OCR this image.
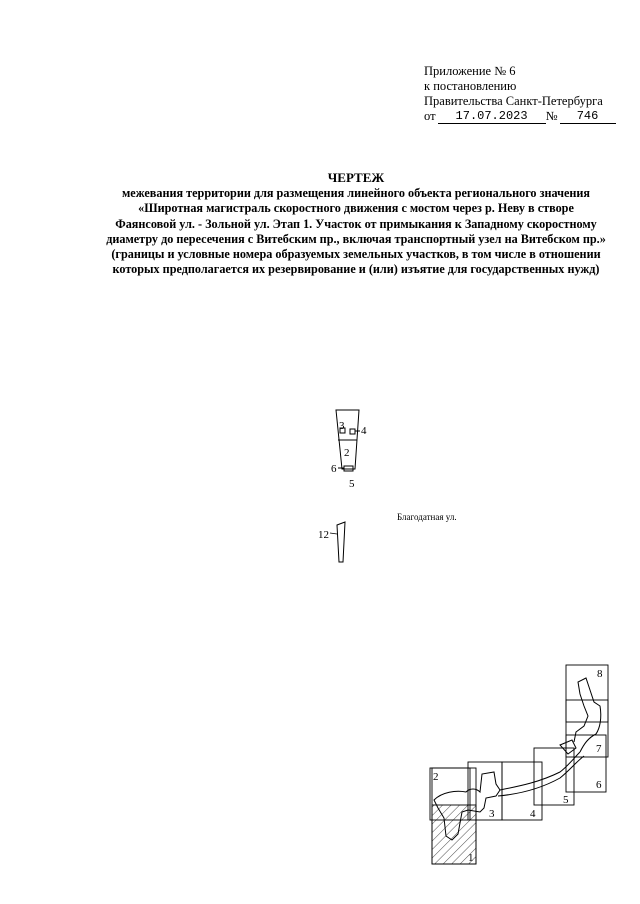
Приложение № 6
к постановлению
Правительства Санкт-Петербурга
от	17.07.2023	№	746
ЧЕРТЕЖ
межевания территории для размещения линейного объекта регионального значения
«Широтная магистраль скоростного движения с мостом через р. Неву в створе
Фаянсовой ул. - Зольной ул. Этап 1. Участок от примыкания к Западному скоростному
диаметру до пересечения с Витебским пр., включая транспортный узел на Витебском пр.»
(границы и условные номера образуемых земельных участков, в том числе в отношении
которых предполагается их резервирование и (или) изъятие для государственных нужд)
3 4
2
6
5
12
Благодатная ул.
2
3	4
5
6
7
8
1
